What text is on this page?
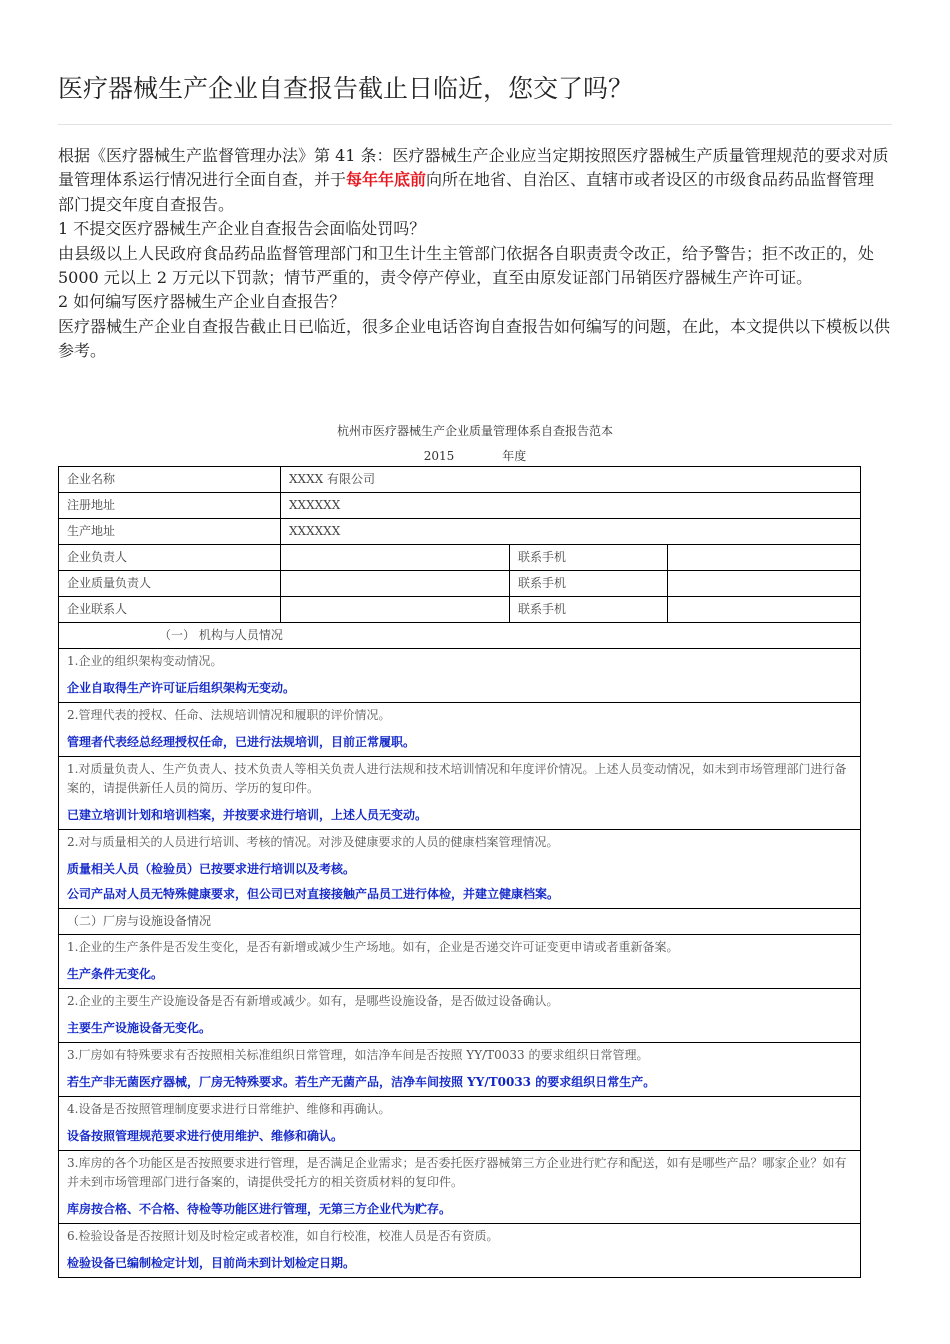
医疗器械生产企业自查报告截止日临近，您交了吗？

根据《医疗器械生产监督管理办法》第 41 条：医疗器械生产企业应当定期按照医疗器械生产质量管理规范的要求对质量管理体系运行情况进行全面自查，并于每年年底前向所在地省、自治区、直辖市或者设区的市级食品药品监督管理部门提交年度自查报告。

1 不提交医疗器械生产企业自查报告会面临处罚吗？

由县级以上人民政府食品药品监督管理部门和卫生计生主管部门依据各自职责责令改正，给予警告；拒不改正的，处 5000 元以上 2 万元以下罚款；情节严重的，责令停产停业，直至由原发证部门吊销医疗器械生产许可证。

2 如何编写医疗器械生产企业自查报告？

医疗器械生产企业自查报告截止日已临近，很多企业电话咨询自查报告如何编写的问题，在此，本文提供以下模板以供参考。

杭州市医疗器械生产企业质量管理体系自查报告范本
2015	年度
企业名称	XXXX 有限公司		
注册地址	XXXXXX		
生产地址	XXXXXX		
企业负责人		联系手机	
企业质量负责人		联系手机	
企业联系人		联系手机	
（一） 机构与人员情况			

1.企业的组织架构变动情况。
企业自取得生产许可证后组织架构无变动。			

2.管理代表的授权、任命、法规培训情况和履职的评价情况。
管理者代表经总经理授权任命，已进行法规培训，目前正常履职。			

1.对质量负责人、生产负责人、技术负责人等相关负责人进行法规和技术培训情况和年度评价情况。上述人员变动情况，如未到市场管理部门进行备案的，请提供新任人员的简历、学历的复印件。
已建立培训计划和培训档案，并按要求进行培训，上述人员无变动。			

2.对与质量相关的人员进行培训、考核的情况。对涉及健康要求的人员的健康档案管理情况。
质量相关人员（检验员）已按要求进行培训以及考核。
公司产品对人员无特殊健康要求，但公司已对直接接触产品员工进行体检，并建立健康档案。			

（二）厂房与设施设备情况			

1.企业的生产条件是否发生变化，是否有新增或减少生产场地。如有，企业是否递交许可证变更申请或者重新备案。
生产条件无变化。			

2.企业的主要生产设施设备是否有新增或减少。如有，是哪些设施设备，是否做过设备确认。
主要生产设施设备无变化。			

3.厂房如有特殊要求有否按照相关标准组织日常管理，如洁净车间是否按照 YY/T0033 的要求组织日常管理。
若生产非无菌医疗器械，厂房无特殊要求。若生产无菌产品，洁净车间按照 YY/T0033 的要求组织日常生产。			

4.设备是否按照管理制度要求进行日常维护、维修和再确认。
设备按照管理规范要求进行使用维护、维修和确认。			

3.库房的各个功能区是否按照要求进行管理，是否满足企业需求；是否委托医疗器械第三方企业进行贮存和配送，如有是哪些产品？哪家企业？如有并未到市场管理部门进行备案的，请提供受托方的相关资质材料的复印件。
库房按合格、不合格、待检等功能区进行管理，无第三方企业代为贮存。			

6.检验设备是否按照计划及时检定或者校准，如自行校准，校准人员是否有资质。
检验设备已编制检定计划，目前尚未到计划检定日期。			
